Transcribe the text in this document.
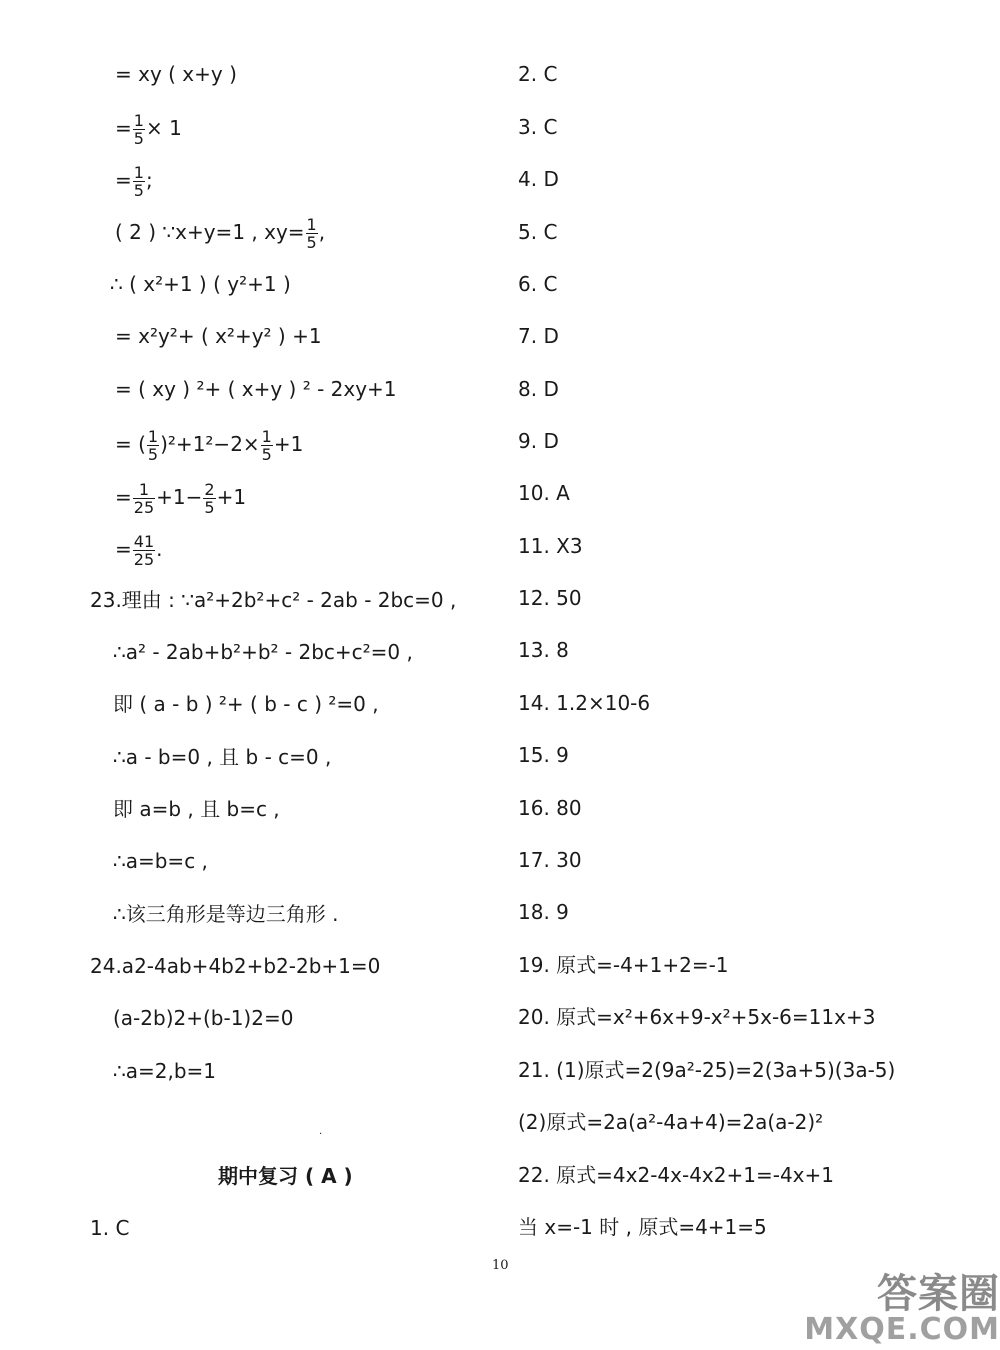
= xy ( x+y )
= $\frac{1}{5} \times 1$
= $\frac{1}{5}$ ;
( 2 ) ∵x+y=1 , $xy= \frac{1}{5}$ ,
∴ ( x²+1 ) ( y²+1 )
= x²y²+ ( x²+y² ) +1
= ( xy ) ²+ ( x+y ) ² - 2xy+1
= ( $\frac{1}{5} )^2+1^2-2\times \frac{1}{5} +1$
= $\frac{1}{25} +1- \frac{2}{5} +1$
= $\frac{41}{25}$ .
23.理由 : ∵a²+2b²+c² - 2ab - 2bc=0 ,
∴a² - 2ab+b²+b² - 2bc+c²=0 ,
即 ( a - b ) ²+ ( b - c ) ²=0 ,
∴a - b=0 , 且 b - c=0 ,
即 a=b , 且 b=c ,
∴a=b=c ,
∴该三角形是等边三角形 .
24.a2-4ab+4b2+b2-2b+1=0
(a-2b)2+(b-1)2=0
∴a=2,b=1
.
期中复习 ( A )
1. C
2. C
3. C
4. D
5. C
6. C
7. D
8. D
9. D
10. A
11. X3
12. 50
13. 8
14. 1.2×10-6
15. 9
16. 80
17. 30
18. 9
19. 原式=-4+1+2=-1
20. 原式=x²+6x+9-x²+5x-6=11x+3
21. (1)原式=2(9a²-25)=2(3a+5)(3a-5)
(2)原式=2a(a²-4a+4)=2a(a-2)²
22. 原式=4x2-4x-4x2+1=-4x+1
当 x=-1 时 , 原式=4+1=5
10
答案圈
MXQE.COM
